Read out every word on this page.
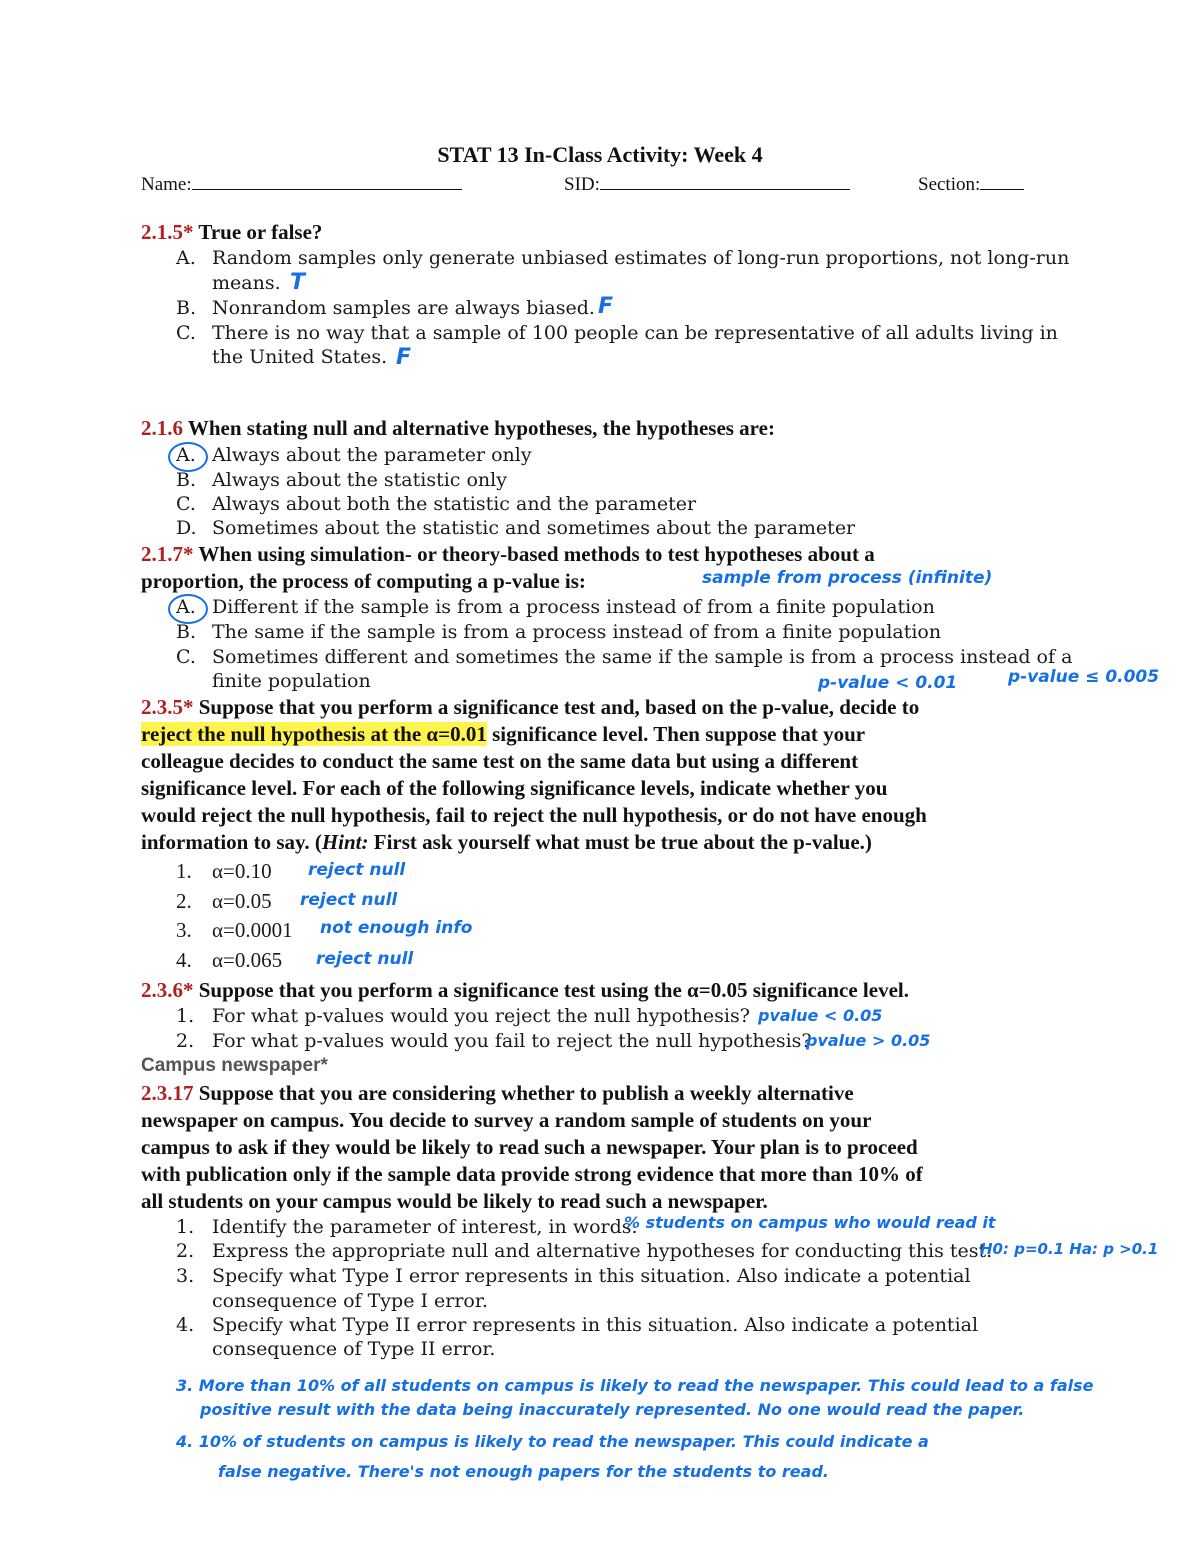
STAT 13 In-Class Activity: Week 4
Name:	SID:	Section:
2.1.5* True or false?
A. Random samples only generate unbiased estimates of long-run proportions, not long-run
means. T
B. Nonrandom samples are always biased. F
C. There is no way that a sample of 100 people can be representative of all adults living in
the United States. F
2.1.6 When stating null and alternative hypotheses, the hypotheses are:
A. Always about the parameter only
B. Always about the statistic only
C. Always about both the statistic and the parameter
D. Sometimes about the statistic and sometimes about the parameter
2.1.7* When using simulation- or theory-based methods to test hypotheses about a
proportion, the process of computing a p-value is:	sample from process (infinite)
A. Different if the sample is from a process instead of from a finite population
B. The same if the sample is from a process instead of from a finite population
C. Sometimes different and sometimes the same if the sample is from a process instead of a
finite population	p-value < 0.01	p-value ≤ 0.005
2.3.5* Suppose that you perform a significance test and, based on the p-value, decide to
reject the null hypothesis at the α=0.01 significance level. Then suppose that your
colleague decides to conduct the same test on the same data but using a different
significance level. For each of the following significance levels, indicate whether you
would reject the null hypothesis, fail to reject the null hypothesis, or do not have enough
information to say. (Hint: First ask yourself what must be true about the p-value.)
1. α=0.10 reject null
2. α=0.05 reject null
3. α=0.0001 not enough info
4. α=0.065 reject null
2.3.6* Suppose that you perform a significance test using the α=0.05 significance level.
1. For what p-values would you reject the null hypothesis? pvalue < 0.05
2. For what p-values would you fail to reject the null hypothesis?
pvalue > 0.05
Campus newspaper*
2.3.17 Suppose that you are considering whether to publish a weekly alternative
newspaper on campus. You decide to survey a random sample of students on your
campus to ask if they would be likely to read such a newspaper. Your plan is to proceed
with publication only if the sample data provide strong evidence that more than 10% of
all students on your campus would be likely to read such a newspaper.
1. Identify the parameter of interest, in words.
% students on campus who would read it
2. Express the appropriate null and alternative hypotheses for conducting this test.
H0: p=0.1 Ha: p >0.1
3. Specify what Type I error represents in this situation. Also indicate a potential
consequence of Type I error.
4. Specify what Type II error represents in this situation. Also indicate a potential
consequence of Type II error.
3. More than 10% of all students on campus is likely to read the newspaper. This could lead to a false
positive result with the data being inaccurately represented. No one would read the paper.
4. 10% of students on campus is likely to read the newspaper. This could indicate a
false negative. There's not enough papers for the students to read.
